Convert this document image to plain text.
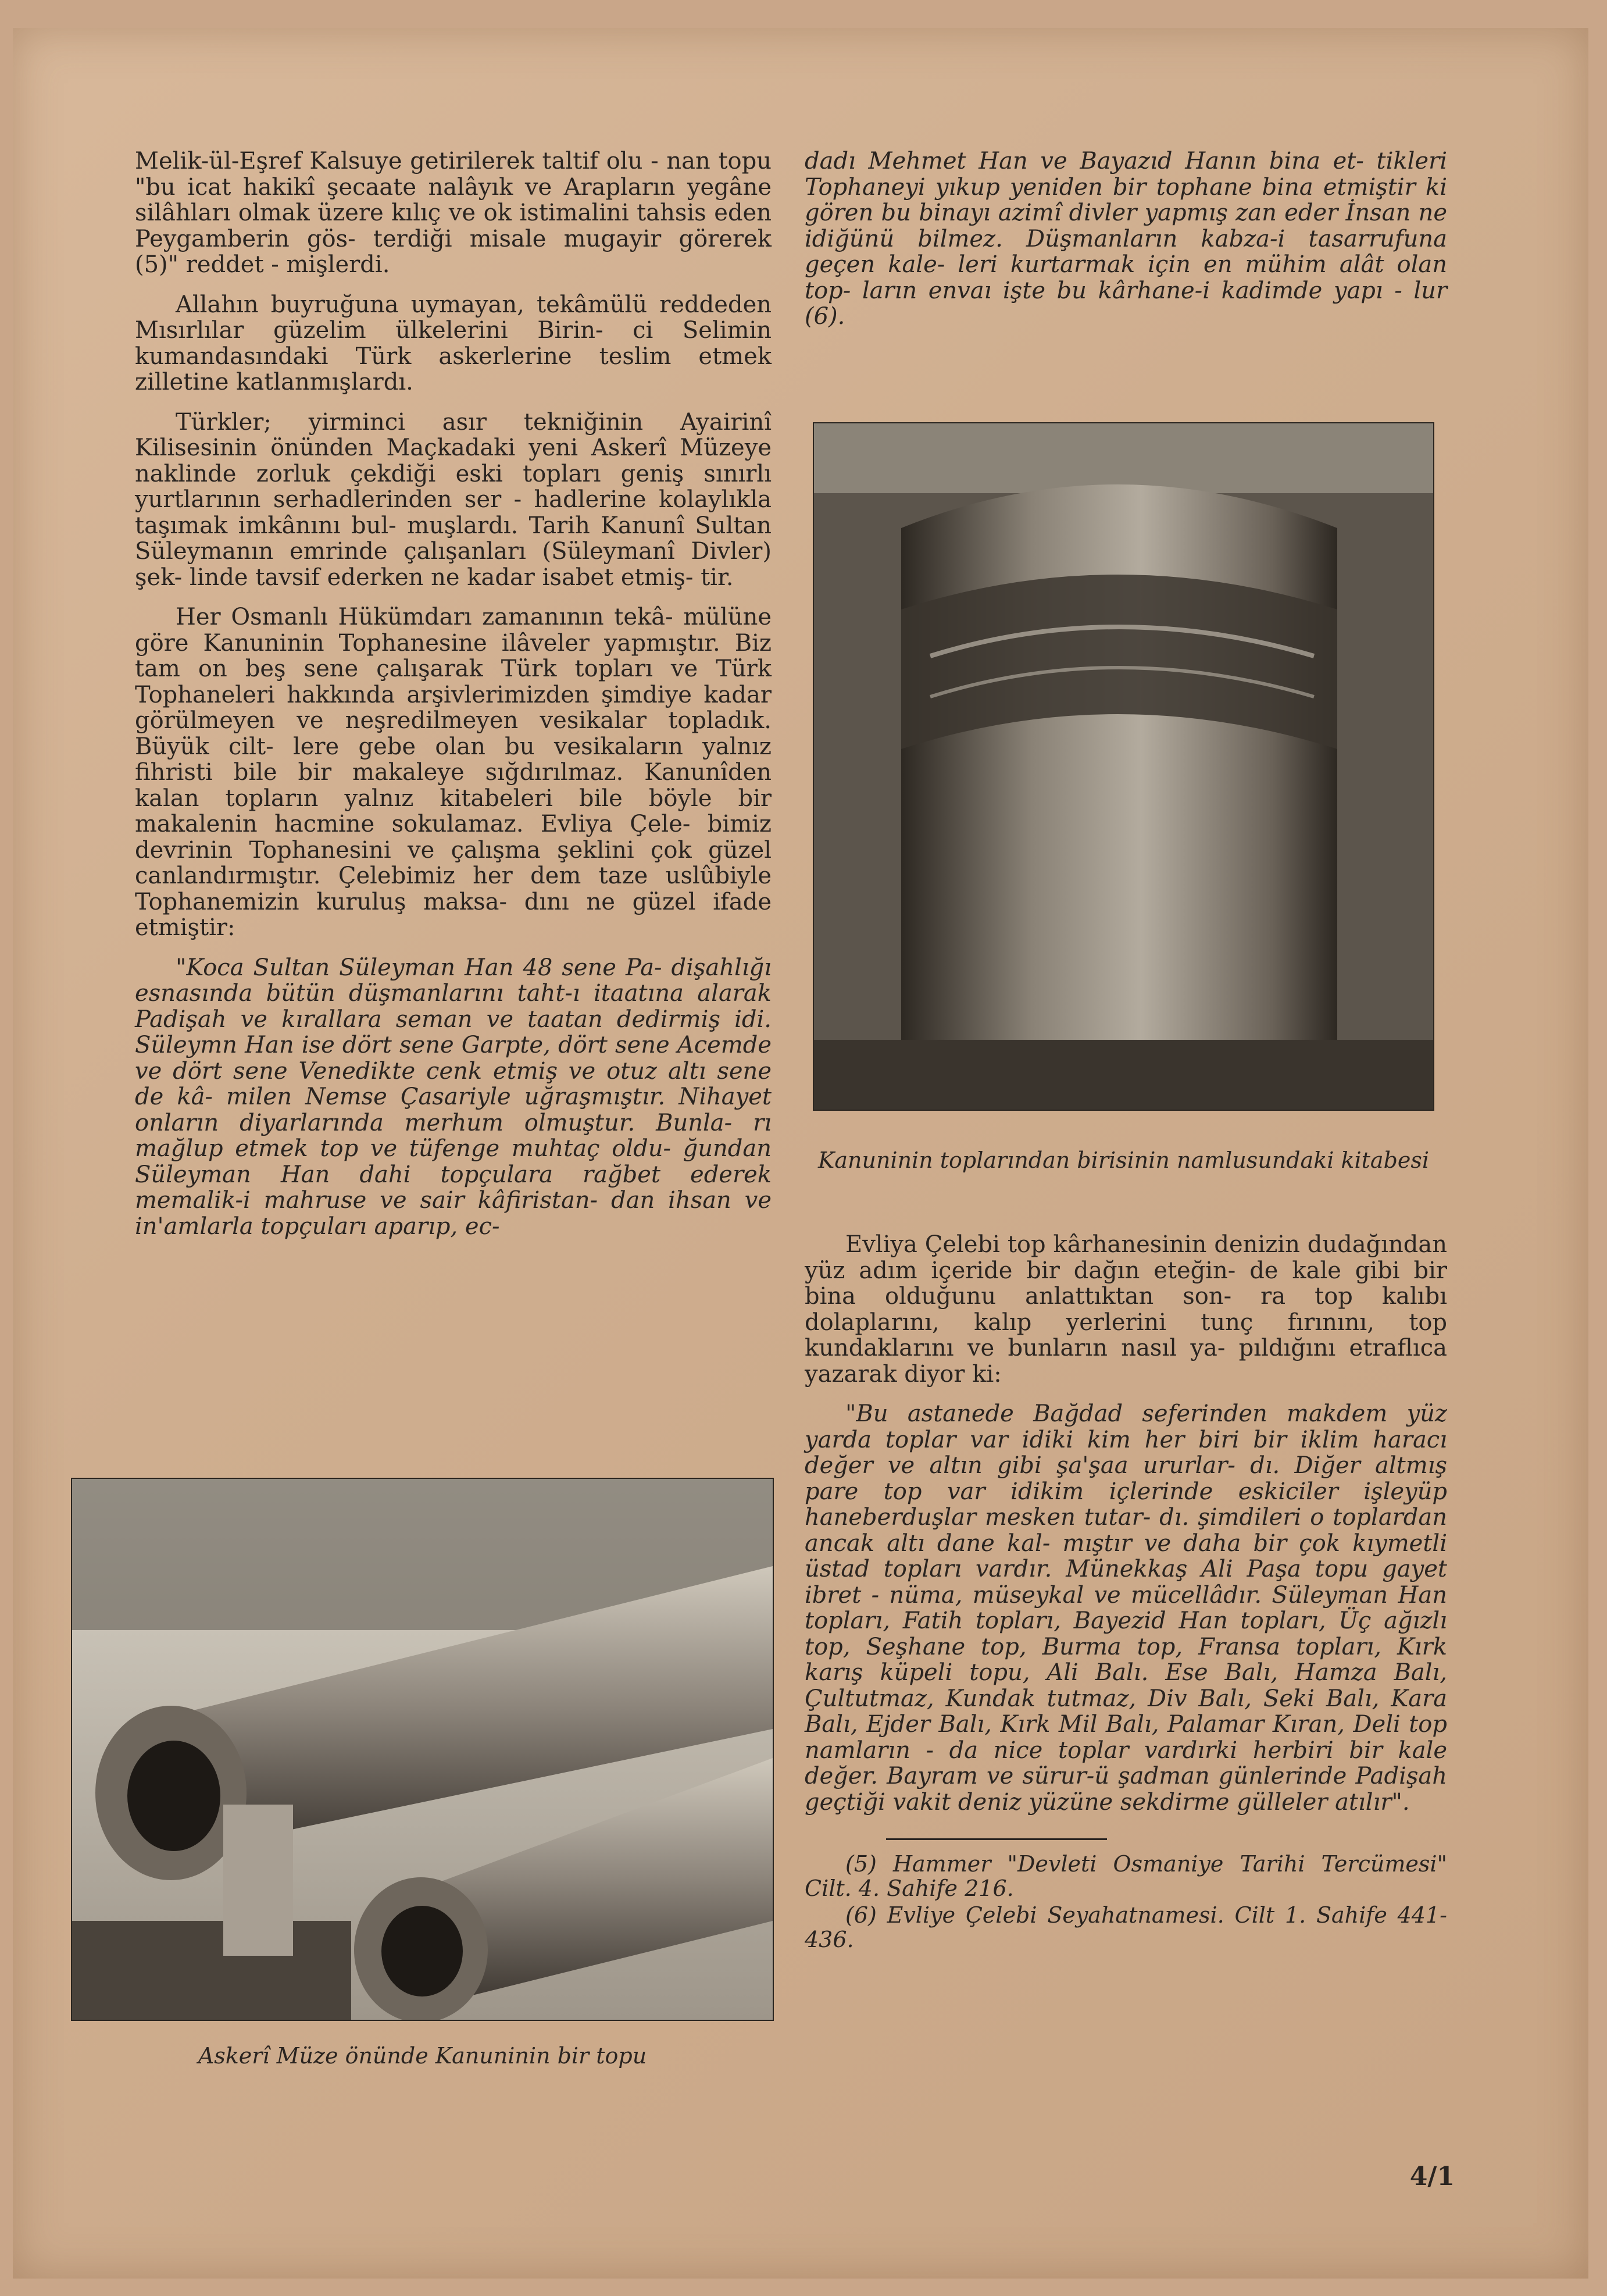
Melik-ül-Eşref Kalsuye getirilerek taltif olu - nan topu "bu icat hakikî şecaate nalâyık ve Arapların yegâne silâhları olmak üzere kılıç ve ok istimalini tahsis eden Peygamberin gös- terdiği misale mugayir görerek (5)" reddet - mişlerdi.

Allahın buyruğuna uymayan, tekâmülü reddeden Mısırlılar güzelim ülkelerini Birin- ci Selimin kumandasındaki Türk askerlerine teslim etmek zilletine katlanmışlardı.

Türkler; yirminci asır tekniğinin Ayairinî Kilisesinin önünden Maçkadaki yeni Askerî Müzeye naklinde zorluk çekdiği eski topları geniş sınırlı yurtlarının serhadlerinden ser - hadlerine kolaylıkla taşımak imkânını bul- muşlardı. Tarih Kanunî Sultan Süleymanın emrinde çalışanları (Süleymanî Divler) şek- linde tavsif ederken ne kadar isabet etmiş- tir.

Her Osmanlı Hükümdarı zamanının tekâ- mülüne göre Kanuninin Tophanesine ilâveler yapmıştır. Biz tam on beş sene çalışarak Türk topları ve Türk Tophaneleri hakkında arşivlerimizden şimdiye kadar görülmeyen ve neşredilmeyen vesikalar topladık. Büyük cilt- lere gebe olan bu vesikaların yalnız fihristi bile bir makaleye sığdırılmaz. Kanunîden kalan topların yalnız kitabeleri bile böyle bir makalenin hacmine sokulamaz. Evliya Çele- bimiz devrinin Tophanesini ve çalışma şeklini çok güzel canlandırmıştır. Çelebimiz her dem taze uslûbiyle Tophanemizin kuruluş maksa- dını ne güzel ifade etmiştir:

"Koca Sultan Süleyman Han 48 sene Pa- dişahlığı esnasında bütün düşmanlarını taht-ı itaatına alarak Padişah ve kırallara seman ve taatan dedirmiş idi. Süleymn Han ise dört sene Garpte, dört sene Acemde ve dört sene Venedikte cenk etmiş ve otuz altı sene de kâ- milen Nemse Çasariyle uğraşmıştır. Nihayet onların diyarlarında merhum olmuştur. Bunla- rı mağlup etmek top ve tüfenge muhtaç oldu- ğundan Süleyman Han dahi topçulara rağbet ederek memalik-i mahruse ve sair kâfiristan- dan ihsan ve in'amlarla topçuları aparıp, ec-

Askerî Müze önünde Kanuninin bir topu

dadı Mehmet Han ve Bayazıd Hanın bina et- tikleri Tophaneyi yıkup yeniden bir tophane bina etmiştir ki gören bu binayı azimî divler yapmış zan eder İnsan ne idiğünü bilmez. Düşmanların kabza-i tasarrufuna geçen kale- leri kurtarmak için en mühim alât olan top- ların envaı işte bu kârhane-i kadimde yapı - lur (6).

Kanuninin toplarından birisinin namlusundaki kitabesi

Evliya Çelebi top kârhanesinin denizin dudağından yüz adım içeride bir dağın eteğin- de kale gibi bir bina olduğunu anlattıktan son- ra top kalıbı dolaplarını, kalıp yerlerini tunç fırınını, top kundaklarını ve bunların nasıl ya- pıldığını etraflıca yazarak diyor ki:

"Bu astanede Bağdad seferinden makdem yüz yarda toplar var idiki kim her biri bir iklim haracı değer ve altın gibi şa'şaa ururlar- dı. Diğer altmış pare top var idikim içlerinde eskiciler işleyüp haneberduşlar mesken tutar- dı. şimdileri o toplardan ancak altı dane kal- mıştır ve daha bir çok kıymetli üstad topları vardır. Münekkaş Ali Paşa topu gayet ibret - nüma, müseykal ve mücellâdır. Süleyman Han topları, Fatih topları, Bayezid Han topları, Üç ağızlı top, Seşhane top, Burma top, Fransa topları, Kırk karış küpeli topu, Ali Balı. Ese Balı, Hamza Balı, Çultutmaz, Kundak tutmaz, Div Balı, Seki Balı, Kara Balı, Ejder Balı, Kırk Mil Balı, Palamar Kıran, Deli top namların - da nice toplar vardırki herbiri bir kale değer. Bayram ve sürur-ü şadman günlerinde Padişah geçtiği vakit deniz yüzüne sekdirme gülleler atılır".

(5) Hammer "Devleti Osmaniye Tarihi Tercümesi" Cilt. 4. Sahife 216.

(6) Evliye Çelebi Seyahatnamesi. Cilt 1. Sahife 441-436.

4/1
